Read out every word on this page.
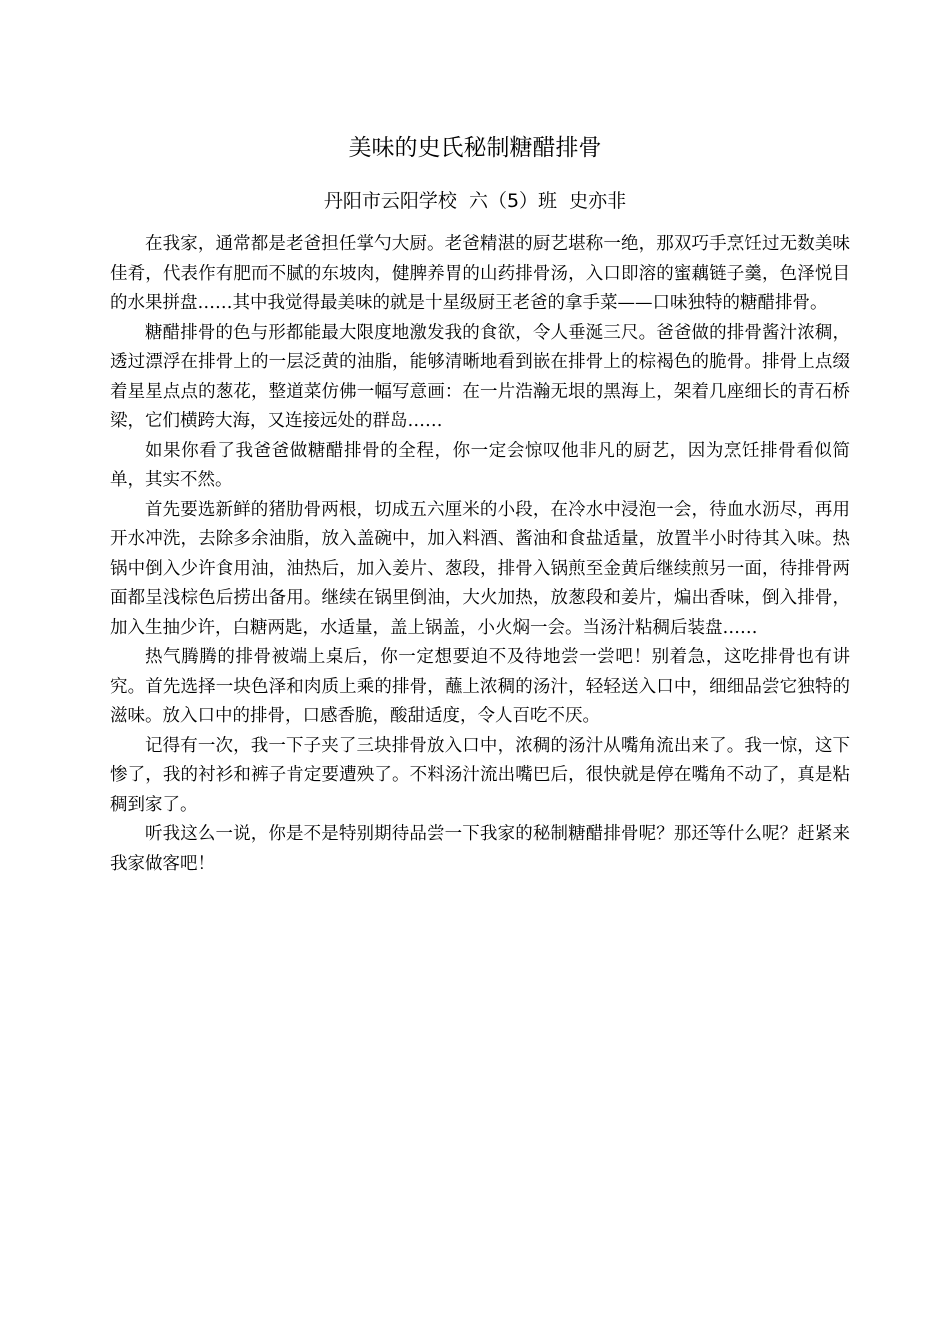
美味的史氏秘制糖醋排骨
丹阳市云阳学校  六（5）班  史亦非

在我家，通常都是老爸担任掌勺大厨。老爸精湛的厨艺堪称一绝，那双巧手烹饪过无数美味佳肴，代表作有肥而不腻的东坡肉，健脾养胃的山药排骨汤，入口即溶的蜜藕链子羹，色泽悦目的水果拼盘……其中我觉得最美味的就是十星级厨王老爸的拿手菜——口味独特的糖醋排骨。

糖醋排骨的色与形都能最大限度地激发我的食欲，令人垂涎三尺。爸爸做的排骨酱汁浓稠，透过漂浮在排骨上的一层泛黄的油脂，能够清晰地看到嵌在排骨上的棕褐色的脆骨。排骨上点缀着星星点点的葱花，整道菜仿佛一幅写意画：在一片浩瀚无垠的黑海上，架着几座细长的青石桥梁，它们横跨大海，又连接远处的群岛……

如果你看了我爸爸做糖醋排骨的全程，你一定会惊叹他非凡的厨艺，因为烹饪排骨看似简单，其实不然。

首先要选新鲜的猪肋骨两根，切成五六厘米的小段，在冷水中浸泡一会，待血水沥尽，再用开水冲洗，去除多余油脂，放入盖碗中，加入料酒、酱油和食盐适量，放置半小时待其入味。热锅中倒入少许食用油，油热后，加入姜片、葱段，排骨入锅煎至金黄后继续煎另一面，待排骨两面都呈浅棕色后捞出备用。继续在锅里倒油，大火加热，放葱段和姜片，煸出香味，倒入排骨，加入生抽少许，白糖两匙，水适量，盖上锅盖，小火焖一会。当汤汁粘稠后装盘……

热气腾腾的排骨被端上桌后，你一定想要迫不及待地尝一尝吧！别着急，这吃排骨也有讲究。首先选择一块色泽和肉质上乘的排骨，蘸上浓稠的汤汁，轻轻送入口中，细细品尝它独特的滋味。放入口中的排骨，口感香脆，酸甜适度，令人百吃不厌。

记得有一次，我一下子夹了三块排骨放入口中，浓稠的汤汁从嘴角流出来了。我一惊，这下惨了，我的衬衫和裤子肯定要遭殃了。不料汤汁流出嘴巴后，很快就是停在嘴角不动了，真是粘稠到家了。

听我这么一说，你是不是特别期待品尝一下我家的秘制糖醋排骨呢？那还等什么呢？赶紧来我家做客吧！
